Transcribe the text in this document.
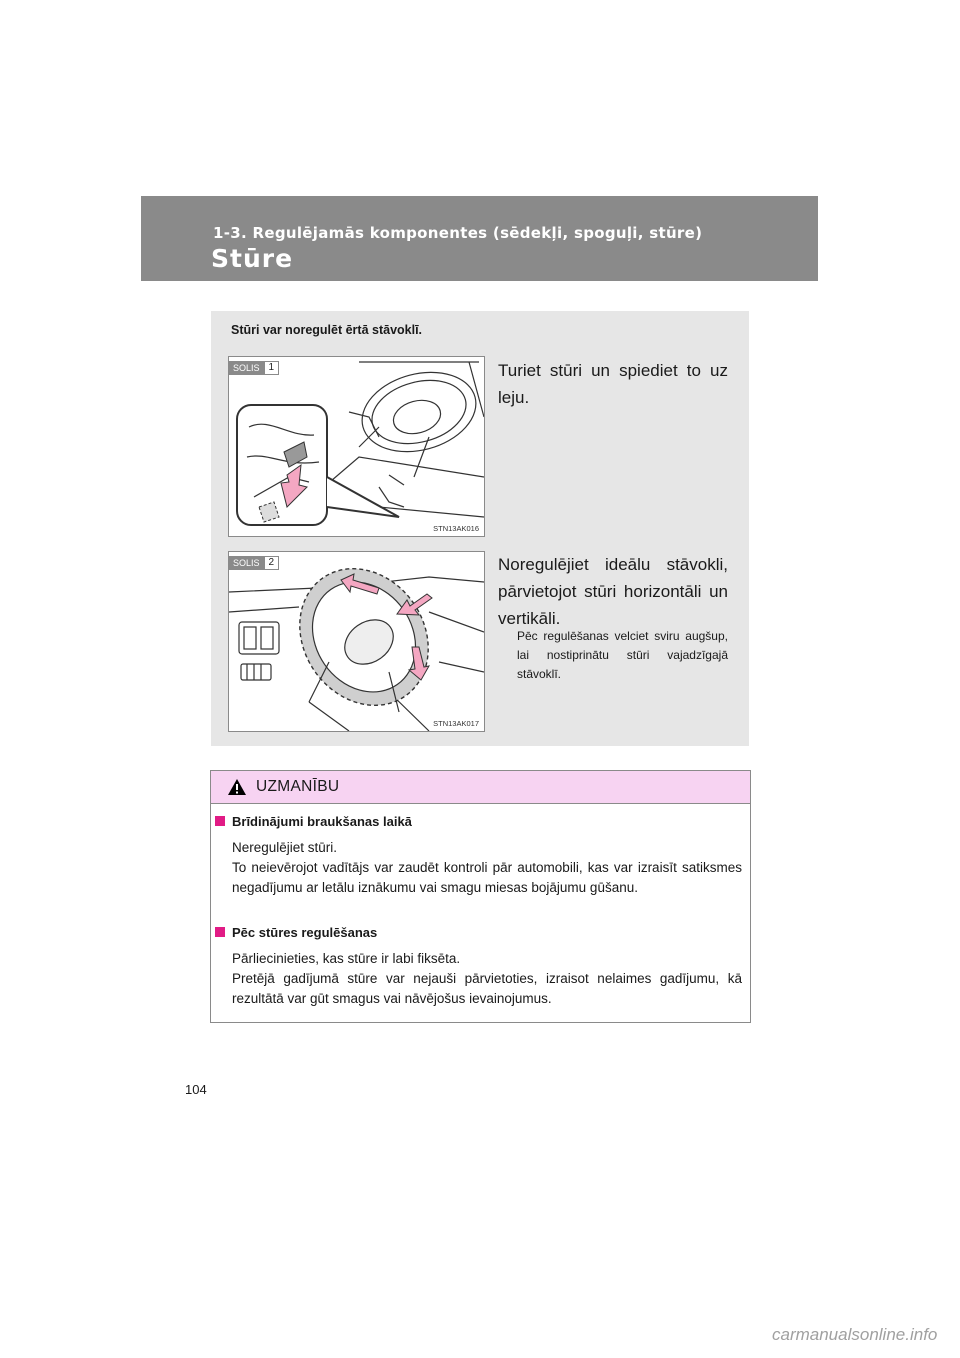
1-3. Regulējamās komponentes (sēdekļi, spoguļi, stūre)
Stūre
Stūri var noregulēt ērtā stāvoklī.
SOLIS 1
STN13AK016
Turiet stūri un spiediet to uz leju.
SOLIS 2
STN13AK017
Noregulējiet ideālu stāvokli, pārvietojot stūri horizontāli un vertikāli.
Pēc regulēšanas velciet sviru augšup, lai nostiprinātu stūri vajadzīgajā stāvoklī.
UZMANĪBU
Brīdinājumi braukšanas laikā
Neregulējiet stūri.
To neievērojot vadītājs var zaudēt kontroli pār automobili, kas var izraisīt satiksmes negadījumu ar letālu iznākumu vai smagu miesas bojājumu gūšanu.
Pēc stūres regulēšanas
Pārliecinieties, kas stūre ir labi fiksēta.
Pretējā gadījumā stūre var nejauši pārvietoties, izraisot nelaimes gadījumu, kā rezultātā var gūt smagus vai nāvējošus ievainojumus.
104
carmanualsonline.info
